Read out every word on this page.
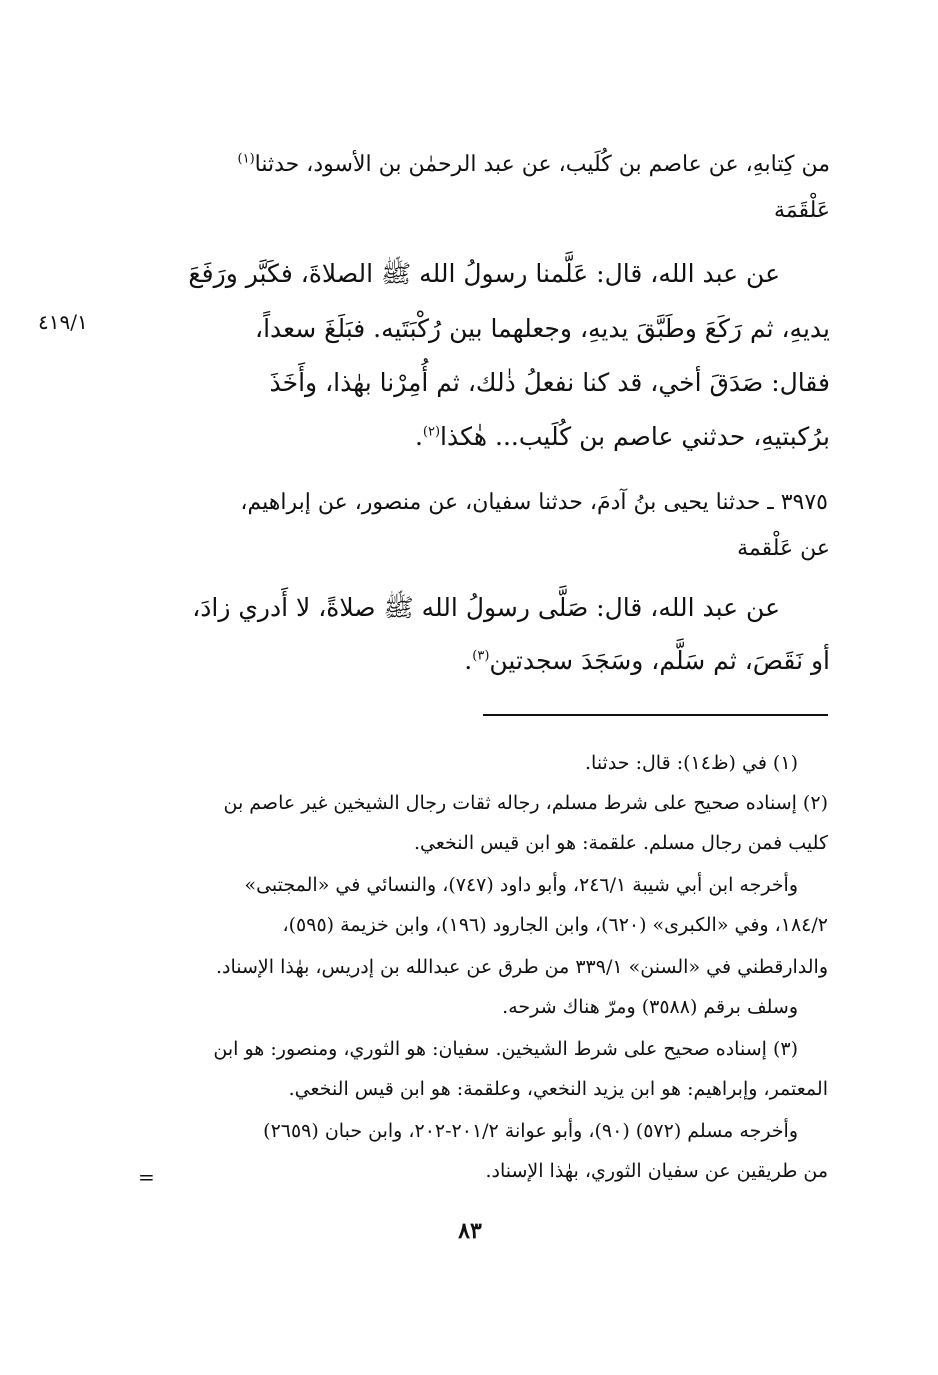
٤١٩/١
من كِتابهِ، عن عاصم بن كُلَيب، عن عبد الرحمٰن بن الأسود، حدثنا$^{(١)}$
عَلْقَمَة
عن عبد الله، قال: عَلَّمنا رسولُ الله ﷺ الصلاةَ، فكَبَّر ورَفَعَ
يديهِ، ثم رَكَعَ وطَبَّقَ يديهِ، وجعلهما بين رُكْبَتَيه. فبَلَغَ سعداً،
فقال: صَدَقَ أخي، قد كنا نفعلُ ذٰلك، ثم أُمِرْنا بهٰذا، وأَخَذَ
برُكبتيهِ، حدثني عاصم بن كُلَيب... هٰكذا$^{(٢)}$.
٣٩٧٥ ـ حدثنا يحيى بنُ آدمَ، حدثنا سفيان، عن منصور، عن إبراهيم،
عن عَلْقمة
عن عبد الله، قال: صَلَّى رسولُ الله ﷺ صلاةً، لا أَدري زادَ،
أو نَقَصَ، ثم سَلَّم، وسَجَدَ سجدتين$^{(٣)}$.
(١) في (ظ١٤): قال: حدثنا.
(٢) إسناده صحيح على شرط مسلم، رجاله ثقات رجال الشيخين غير عاصم بن
كليب فمن رجال مسلم. علقمة: هو ابن قيس النخعي.
وأخرجه ابن أبي شيبة ٢٤٦/١، وأبو داود (٧٤٧)، والنسائي في «المجتبى»
١٨٤/٢، وفي «الكبرى» (٦٢٠)، وابن الجارود (١٩٦)، وابن خزيمة (٥٩٥)،
والدارقطني في «السنن» ٣٣٩/١ من طرق عن عبدالله بن إدريس، بهٰذا الإسناد.
وسلف برقم (٣٥٨٨) ومرّ هناك شرحه.
(٣) إسناده صحيح على شرط الشيخين. سفيان: هو الثوري، ومنصور: هو ابن
المعتمر، وإبراهيم: هو ابن يزيد النخعي، وعلقمة: هو ابن قيس النخعي.
وأخرجه مسلم (٥٧٢) (٩٠)، وأبو عوانة ٢٠١/٢-٢٠٢، وابن حبان (٢٦٥٩)
من طريقين عن سفيان الثوري، بهٰذا الإسناد.
=
٨٣
